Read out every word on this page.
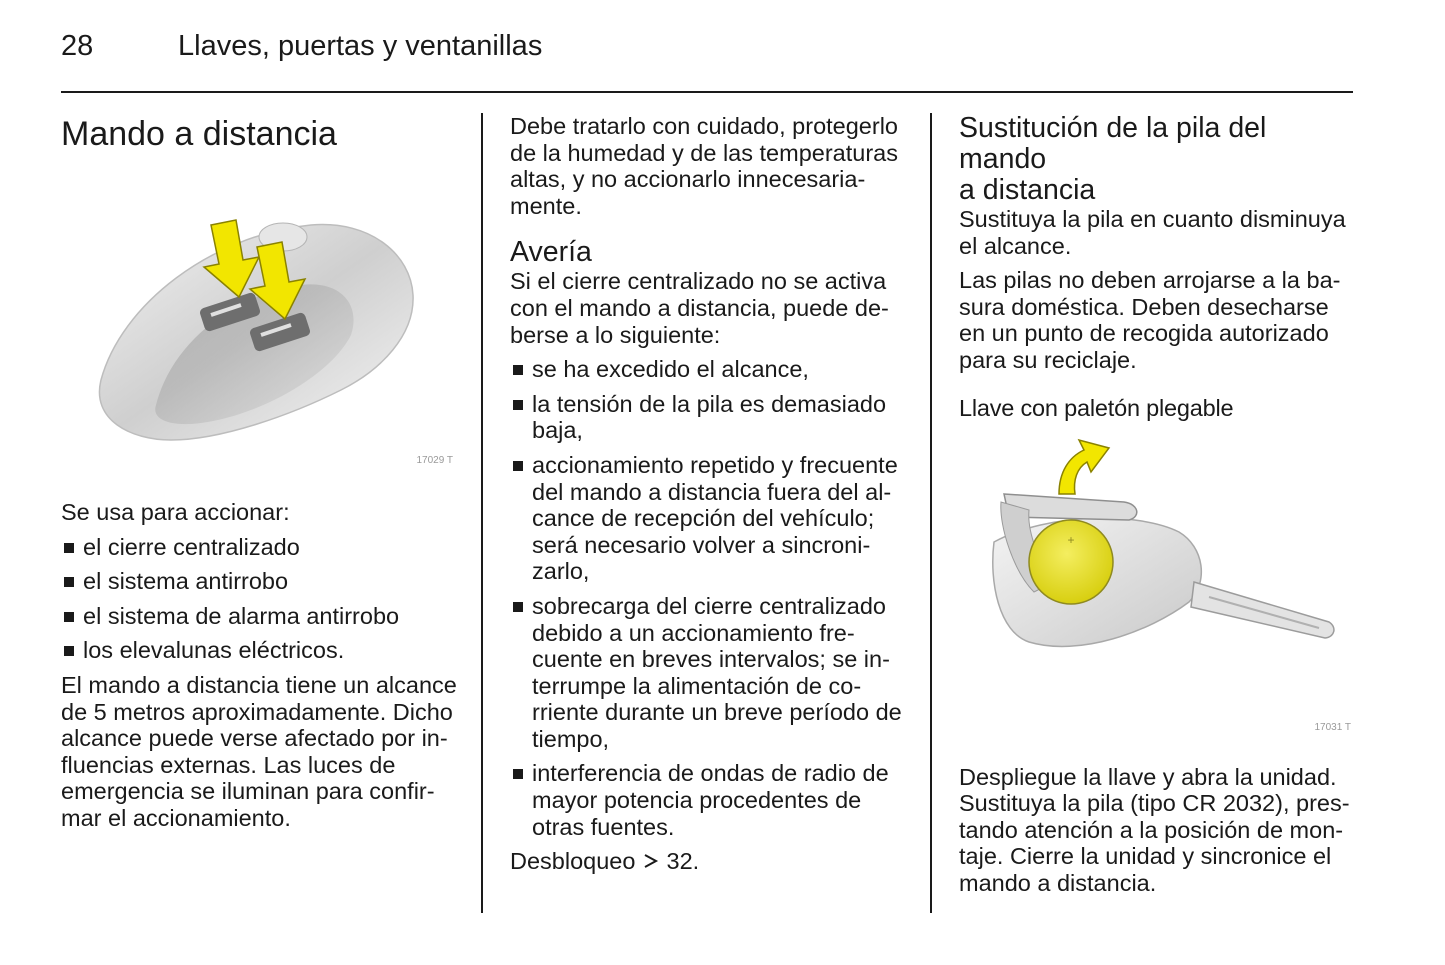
28	Llaves, puertas y ventanillas
Mando a distancia
17029 T

Se usa para accionar:

el cierre centralizado
el sistema antirrobo
el sistema de alarma antirrobo
los elevalunas eléctricos.

El mando a distancia tiene un alcance
de 5 metros aproximadamente. Dicho
alcance puede verse afectado por in-
fluencias externas. Las luces de
emergencia se iluminan para confir-
mar el accionamiento.

Debe tratarlo con cuidado, protegerlo
de la humedad y de las temperaturas
altas, y no accionarlo innecesaria-
mente.

Avería

Si el cierre centralizado no se activa
con el mando a distancia, puede de-
berse a lo siguiente:

se ha excedido el alcance,
la tensión de la pila es demasiado
baja,
accionamiento repetido y frecuente
del mando a distancia fuera del al-
cance de recepción del vehículo;
será necesario volver a sincroni-
zarlo,
sobrecarga del cierre centralizado
debido a un accionamiento fre-
cuente en breves intervalos; se in-
terrumpe la alimentación de co-
rriente durante un breve período de
tiempo,
interferencia de ondas de radio de
mayor potencia procedentes de
otras fuentes.

Desbloqueo 32.

Sustitución de la pila del mando
a distancia

Sustituya la pila en cuanto disminuya
el alcance.

Las pilas no deben arrojarse a la ba-
sura doméstica. Deben desecharse
en un punto de recogida autorizado
para su reciclaje.

Llave con paletón plegable
+
17031 T

Despliegue la llave y abra la unidad.
Sustituya la pila (tipo CR 2032), pres-
tando atención a la posición de mon-
taje. Cierre la unidad y sincronice el
mando a distancia.
